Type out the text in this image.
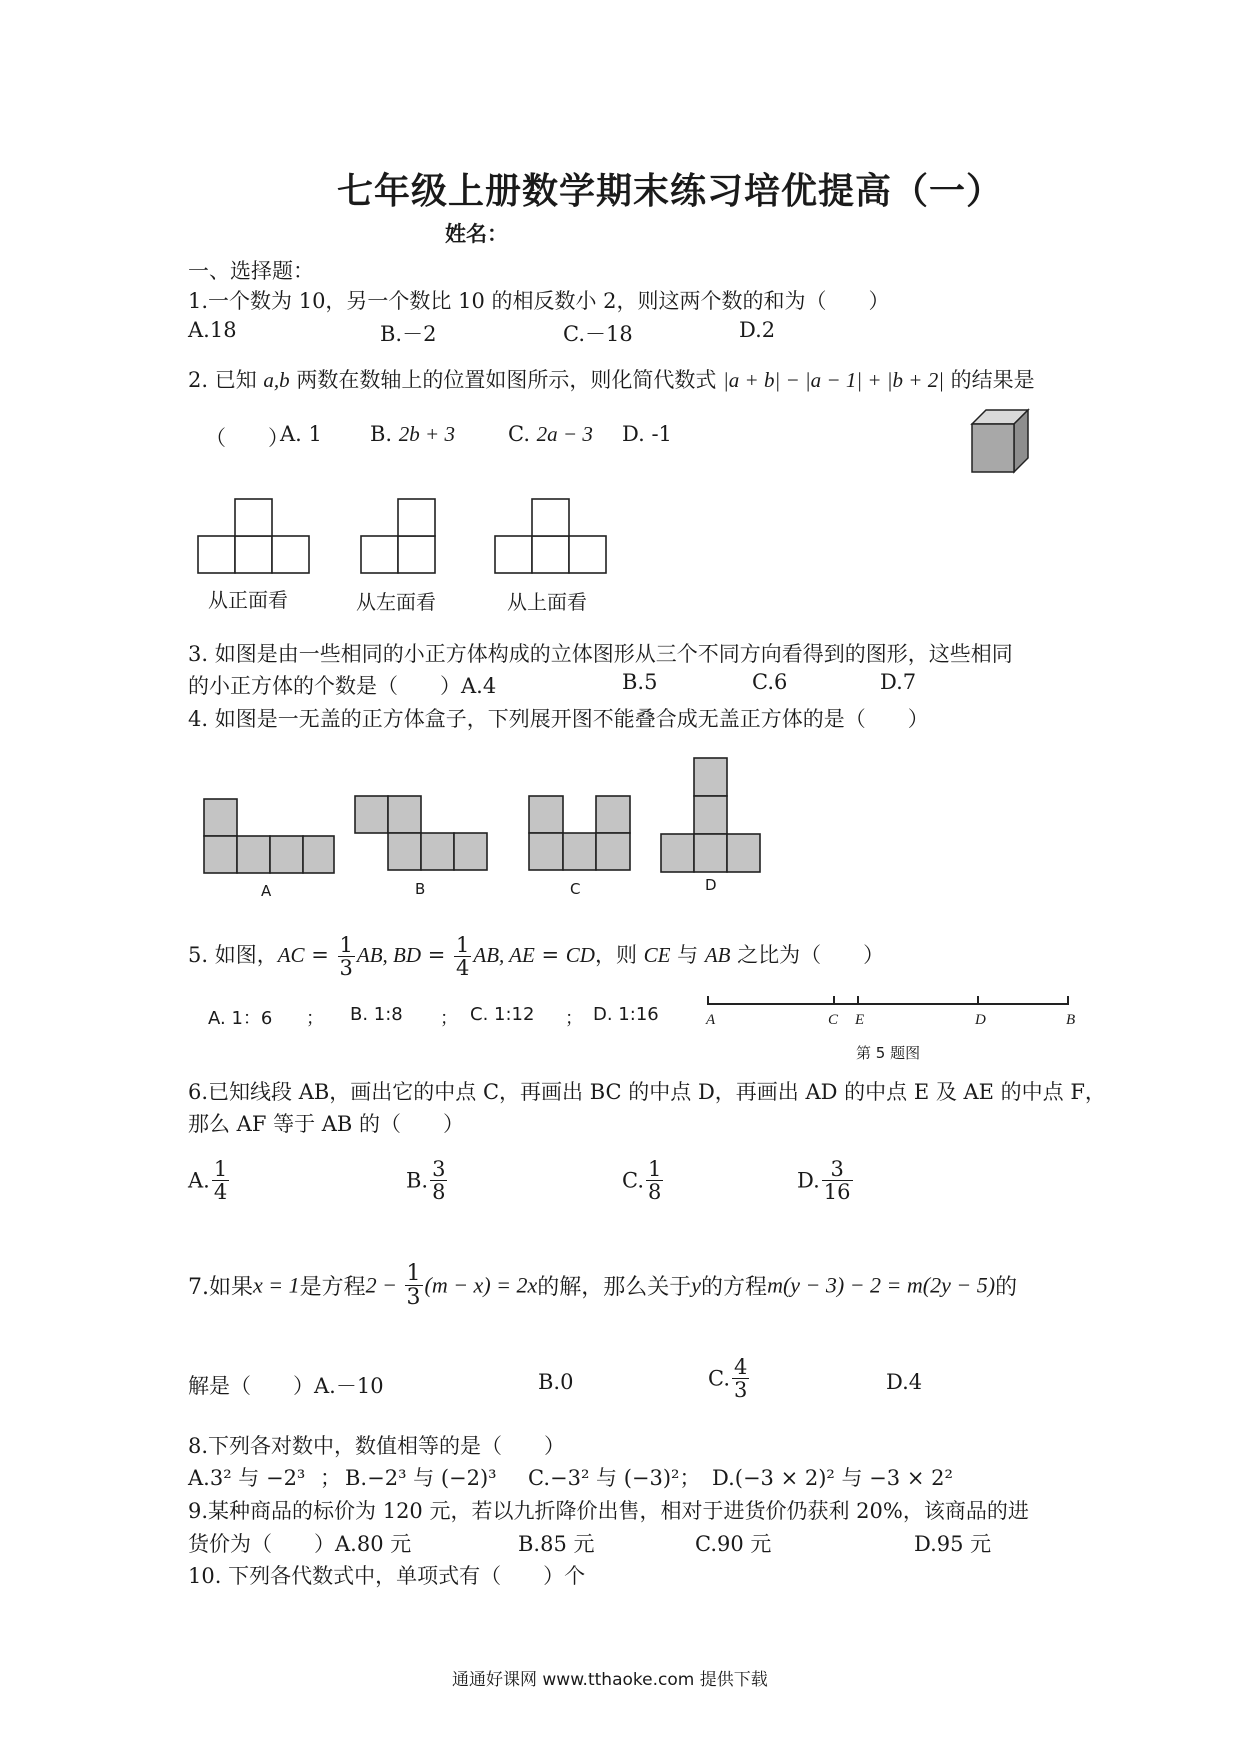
七年级上册数学期末练习培优提高（一）
姓名：
一、选择题：
1.一个数为 10，另一个数比 10 的相反数小 2，则这两个数的和为（　　）
A.18	B.－2	C.－18	D.2
2. 已知 a,b 两数在数轴上的位置如图所示，则化简代数式 |a + b| − |a − 1| + |b + 2| 的结果是
（　　）
A. 1 B. 2b + 3	C. 2a − 3 D. -1
从正面看	从左面看	从上面看
3. 如图是由一些相同的小正方体构成的立体图形从三个不同方向看得到的图形，这些相同
的小正方体的个数是（　　）A.4	B.5	C.6	D.7
4. 如图是一无盖的正方体盒子，下列展开图不能叠合成无盖正方体的是（　　）
A	B	C	D
5. 如图，AC = $\frac{1}{3}$ AB, BD = $\frac{1}{4}$ AB, AE = CD，则 CE 与 AB 之比为（　　）
A. 1：6 ； B. 1:8 ； C. 1:12 ； D. 1:16	A	C E	D	B
第 5 题图
6.已知线段 AB，画出它的中点 C，再画出 BC 的中点 D，再画出 AD 的中点 E 及 AE 的中点 F，
那么 AF 等于 AB 的（　　）
A. $\frac{1}{4}$	B. $\frac{3}{8}$	C. $\frac{1}{8}$	D. $\frac{3}{16}$
7.如果x = 1是方程$2 - \frac{1}{3} (m - x) = 2x$的解，那么关于y的方程m(y − 3) − 2 = m(2y − 5)的
解是（　　）A.－10	B.0	C. $\frac{4}{3}$	D.4
8.下列各对数中，数值相等的是（　　）
A.3² 与 −2³ ； B.−2³ 与 (−2)³ C.−3² 与 (−3)²； D.(−3 × 2)² 与 −3 × 2²
9.某种商品的标价为 120 元，若以九折降价出售，相对于进货价仍获利 20%，该商品的进
货价为（　　）A.80 元	B.85 元	C.90 元	D.95 元
10. 下列各代数式中，单项式有（　　）个
通通好课网 www.tthaoke.com 提供下载
